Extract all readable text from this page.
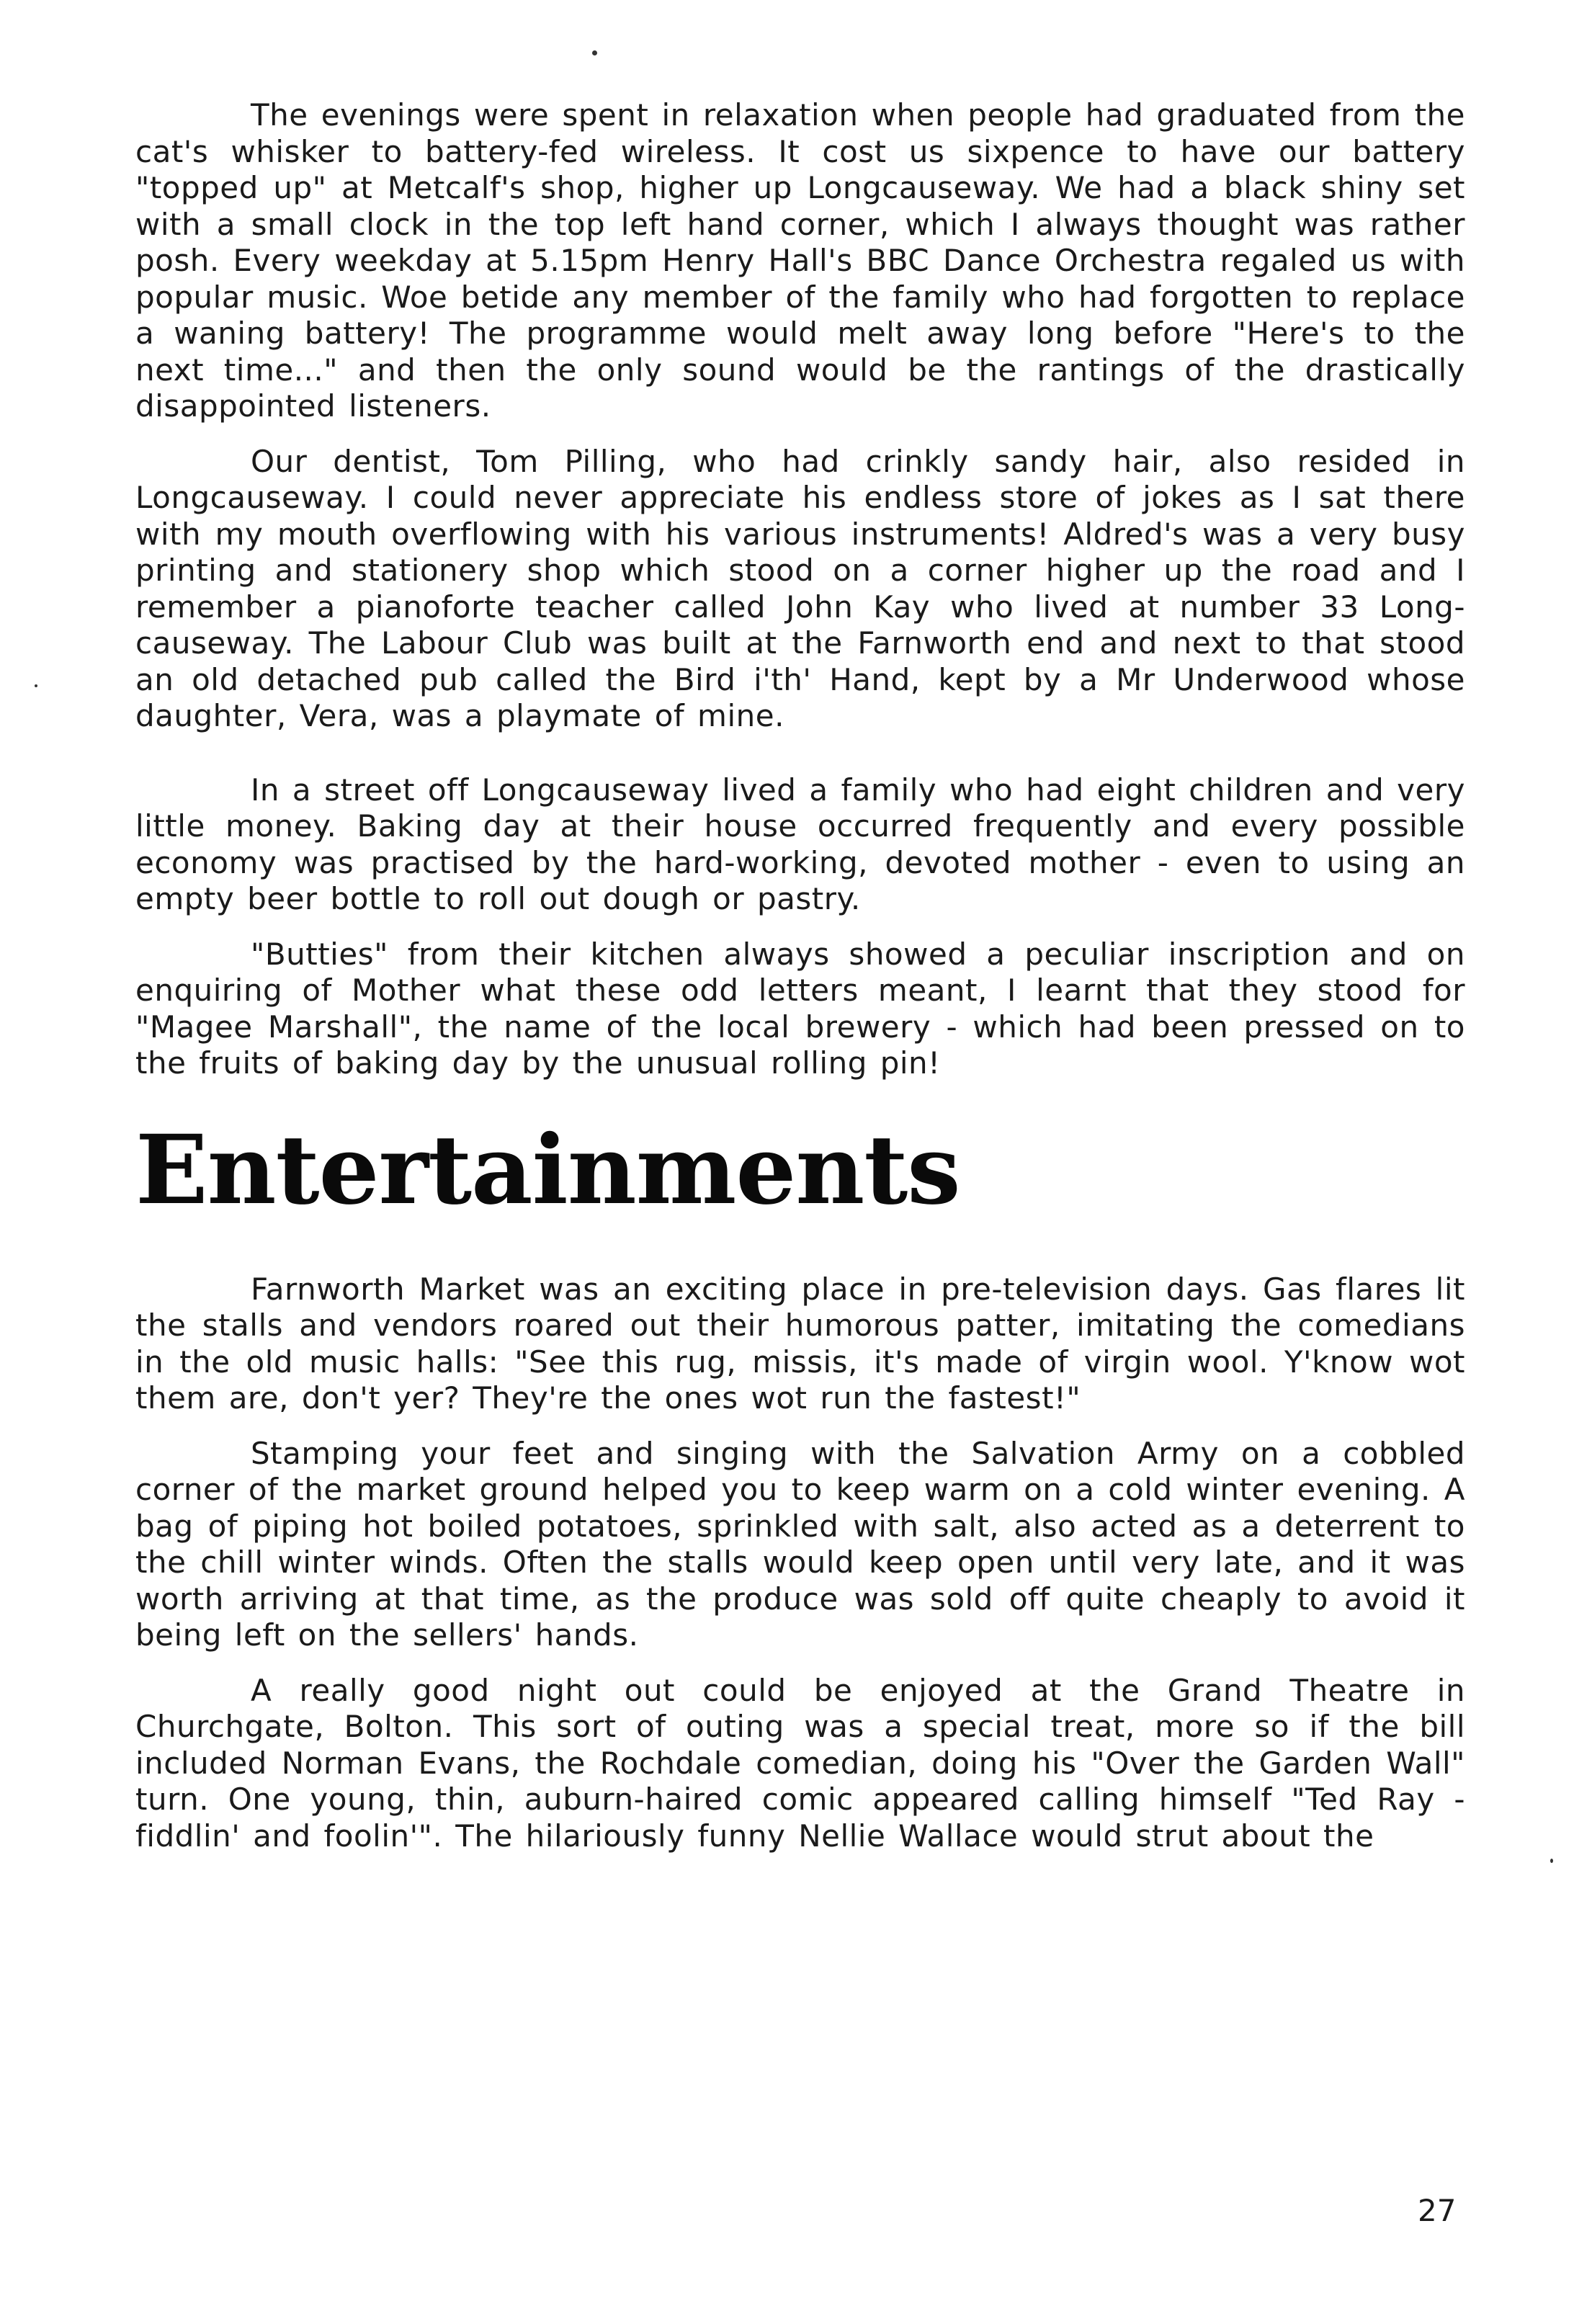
The evenings were spent in relaxation when people had graduated from the cat's whisker to battery-fed wireless. It cost us sixpence to have our battery "topped up" at Metcalf's shop, higher up Longcauseway. We had a black shiny set with a small clock in the top left hand corner, which I always thought was rather posh. Every weekday at 5.15pm Henry Hall's BBC Dance Orchestra regaled us with popular music. Woe betide any member of the family who had forgotten to replace a waning battery! The programme would melt away long before "Here's to the next time..." and then the only sound would be the rantings of the drastically disappointed listeners.

Our dentist, Tom Pilling, who had crinkly sandy hair, also resided in Longcauseway. I could never appreciate his endless store of jokes as I sat there with my mouth overflowing with his various instruments! Aldred's was a very busy printing and stationery shop which stood on a corner higher up the road and I remember a pianoforte teacher called John Kay who lived at number 33 Long-causeway. The Labour Club was built at the Farnworth end and next to that stood an old detached pub called the Bird i'th' Hand, kept by a Mr Underwood whose daughter, Vera, was a playmate of mine.

In a street off Longcauseway lived a family who had eight children and very little money. Baking day at their house occurred frequently and every possible economy was practised by the hard-working, devoted mother - even to using an empty beer bottle to roll out dough or pastry.

"Butties" from their kitchen always showed a peculiar inscription and on enquiring of Mother what these odd letters meant, I learnt that they stood for "Magee Marshall", the name of the local brewery - which had been pressed on to the fruits of baking day by the unusual rolling pin!

Entertainments

Farnworth Market was an exciting place in pre-television days. Gas flares lit the stalls and vendors roared out their humorous patter, imitating the comedians in the old music halls: "See this rug, missis, it's made of virgin wool. Y'know wot them are, don't yer? They're the ones wot run the fastest!"

Stamping your feet and singing with the Salvation Army on a cobbled corner of the market ground helped you to keep warm on a cold winter evening. A bag of piping hot boiled potatoes, sprinkled with salt, also acted as a deterrent to the chill winter winds. Often the stalls would keep open until very late, and it was worth arriving at that time, as the produce was sold off quite cheaply to avoid it being left on the sellers' hands.

A really good night out could be enjoyed at the Grand Theatre in Churchgate, Bolton. This sort of outing was a special treat, more so if the bill included Norman Evans, the Rochdale comedian, doing his "Over the Garden Wall" turn. One young, thin, auburn-haired comic appeared calling himself "Ted Ray - fiddlin' and foolin'". The hilariously funny Nellie Wallace would strut about the

27
